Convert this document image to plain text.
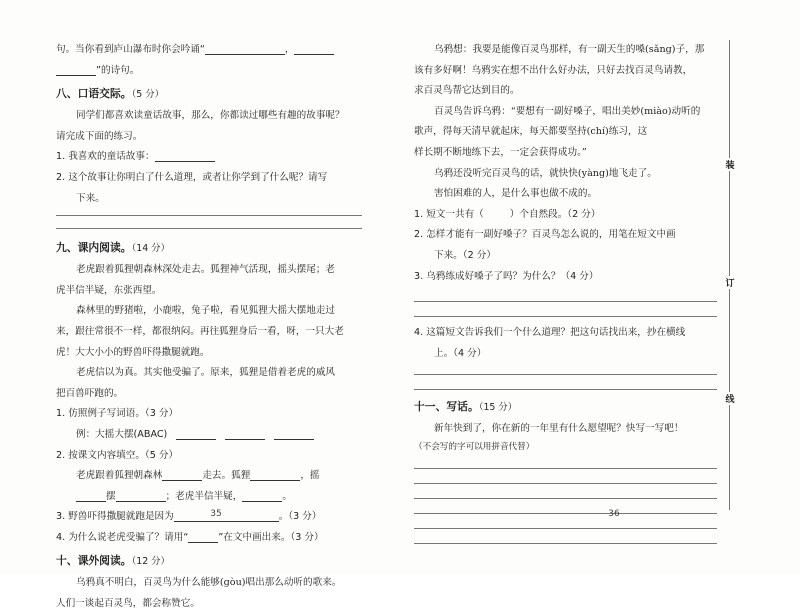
句。当你看到庐山瀑布时你会吟诵“	，
”的诗句。
八、口语交际。（5 分）
同学们都喜欢读童话故事，那么，你都读过哪些有趣的故事呢？
请完成下面的练习。
1. 我喜欢的童话故事：
2. 这个故事让你明白了什么道理，或者让你学到了什么呢？请写
下来。
九、课内阅读。（14 分）
老虎跟着狐狸朝森林深处走去。狐狸神气活现，摇头摆尾；老
虎半信半疑，东张西望。
森林里的野猪啦，小鹿啦，兔子啦，看见狐狸大摇大摆地走过
来，跟往常很不一样，都很纳闷。再往狐狸身后一看，呀，一只大老
虎！大大小小的野兽吓得撒腿就跑。
老虎信以为真。其实他受骗了。原来，狐狸是借着老虎的威风
把百兽吓跑的。
1. 仿照例子写词语。（3 分）
例：大摇大摆(ABAC)
2. 按课文内容填空。（5 分）
老虎跟着狐狸朝森林	走去。狐狸	，摇
摆	；老虎半信半疑，	。
3. 野兽吓得撒腿就跑是因为	。（3 分）
4. 为什么说老虎受骗了？请用“	”在文中画出来。（3 分）
十、课外阅读。（12 分）
乌鸦真不明白，百灵鸟为什么能够(gòu)唱出那么动听的歌来。
人们一谈起百灵鸟，都会称赞它。
35
乌鸦想：我要是能像百灵鸟那样，有一副天生的嗓(sǎng)子，那
该有多好啊！乌鸦实在想不出什么好办法，只好去找百灵鸟请教，
求百灵鸟帮它达到目的。
百灵鸟告诉乌鸦：“要想有一副好嗓子，唱出美妙(miào)动听的
歌声，得每天清早就起床，每天都要坚持(chí)练习，这
样长期不断地练下去，一定会获得成功。”
乌鸦还没听完百灵鸟的话，就快快(yàng)地飞走了。
害怕困难的人，是什么事也做不成的。
1. 短文一共有（	）个自然段。（2 分）
2. 怎样才能有一副好嗓子？百灵鸟怎么说的，用笔在短文中画
下来。（2 分）
3. 乌鸦练成好嗓子了吗？为什么？（4 分）
4. 这篇短文告诉我们一个什么道理？把这句话找出来，抄在横线
上。（4 分）
十一、写话。（15 分）
新年快到了，你在新的一年里有什么愿望呢？快写一写吧！
（不会写的字可以用拼音代替）
36
装
订
线
